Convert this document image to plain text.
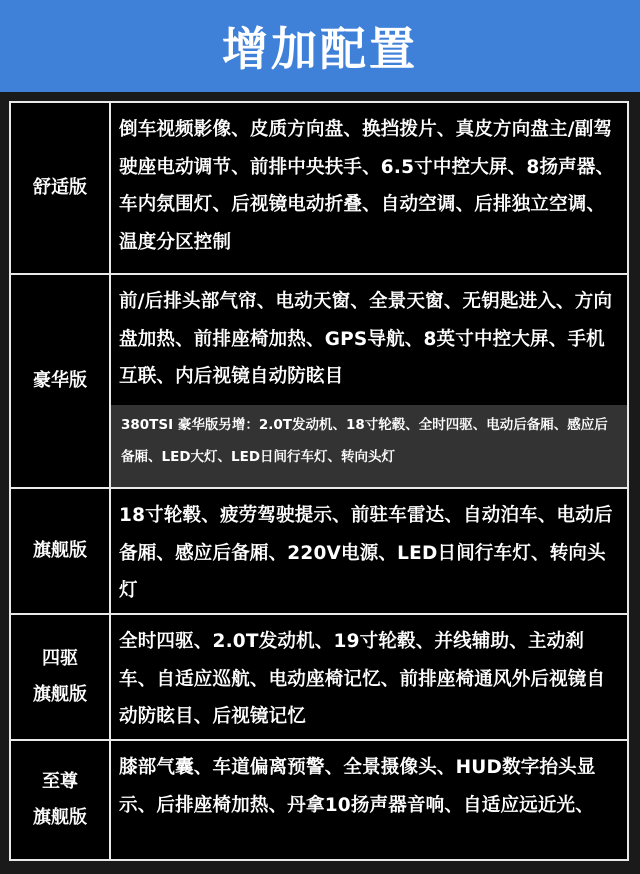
增加配置
舒适版
倒车视频影像、皮质方向盘、换挡拨片、真皮方向盘主/副驾驶座电动调节、前排中央扶手、6.5寸中控大屏、8扬声器、车内氛围灯、后视镜电动折叠、自动空调、后排独立空调、温度分区控制
豪华版
前/后排头部气帘、电动天窗、全景天窗、无钥匙进入、方向盘加热、前排座椅加热、GPS导航、8英寸中控大屏、手机互联、内后视镜自动防眩目
380TSI 豪华版另增：2.0T发动机、18寸轮毂、全时四驱、电动后备厢、感应后备厢、LED大灯、LED日间行车灯、转向头灯
旗舰版
18寸轮毂、疲劳驾驶提示、前驻车雷达、自动泊车、电动后备厢、感应后备厢、220V电源、LED日间行车灯、转向头灯
四驱
旗舰版
全时四驱、2.0T发动机、19寸轮毂、并线辅助、主动刹车、自适应巡航、电动座椅记忆、前排座椅通风外后视镜自动防眩目、后视镜记忆
至尊
旗舰版
膝部气囊、车道偏离预警、全景摄像头、HUD数字抬头显示、后排座椅加热、丹拿10扬声器音响、自适应远近光、
